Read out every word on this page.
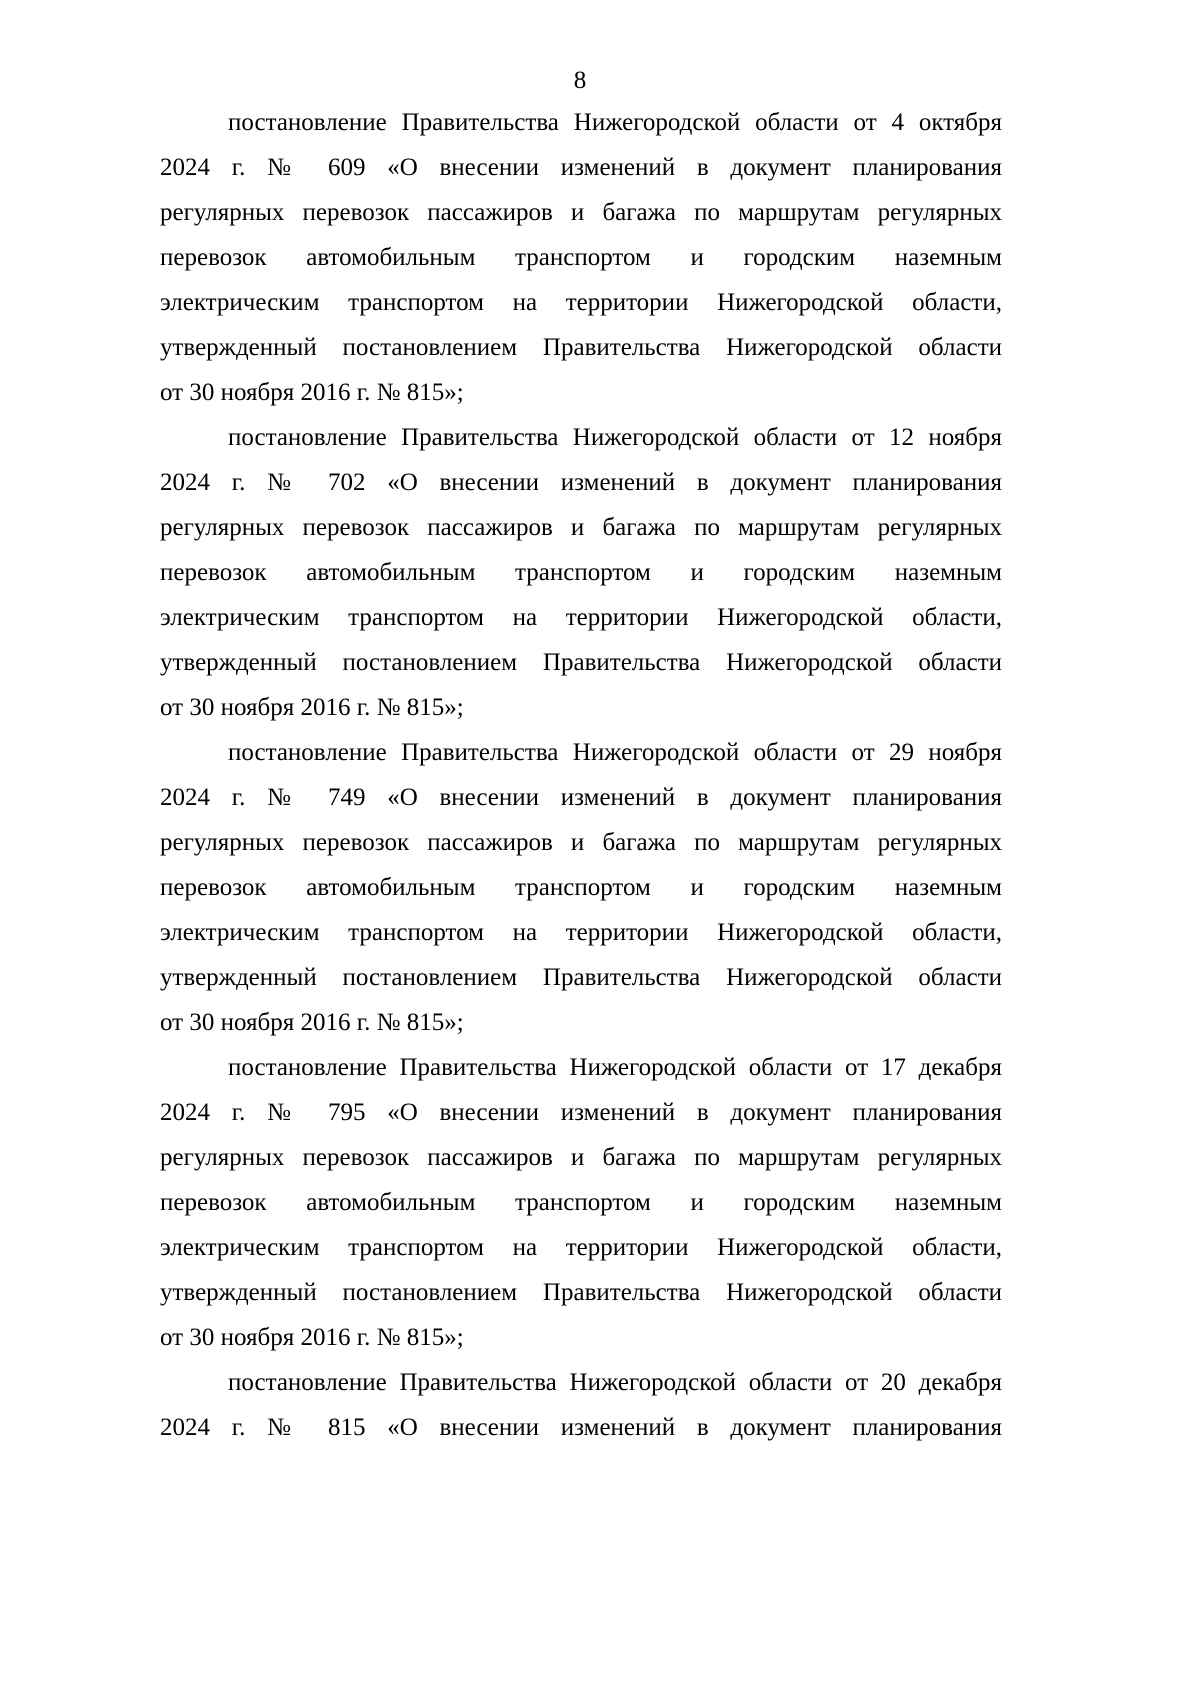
8
постановление Правительства Нижегородской области от 4 октября
2024 г. № 609 «О внесении изменений в документ планирования
регулярных перевозок пассажиров и багажа по маршрутам регулярных
перевозок автомобильным транспортом и городским наземным
электрическим транспортом на территории Нижегородской области,
утвержденный постановлением Правительства Нижегородской области
от 30 ноября 2016 г. № 815»;
постановление Правительства Нижегородской области от 12 ноября
2024 г. № 702 «О внесении изменений в документ планирования
регулярных перевозок пассажиров и багажа по маршрутам регулярных
перевозок автомобильным транспортом и городским наземным
электрическим транспортом на территории Нижегородской области,
утвержденный постановлением Правительства Нижегородской области
от 30 ноября 2016 г. № 815»;
постановление Правительства Нижегородской области от 29 ноября
2024 г. № 749 «О внесении изменений в документ планирования
регулярных перевозок пассажиров и багажа по маршрутам регулярных
перевозок автомобильным транспортом и городским наземным
электрическим транспортом на территории Нижегородской области,
утвержденный постановлением Правительства Нижегородской области
от 30 ноября 2016 г. № 815»;
постановление Правительства Нижегородской области от 17 декабря
2024 г. № 795 «О внесении изменений в документ планирования
регулярных перевозок пассажиров и багажа по маршрутам регулярных
перевозок автомобильным транспортом и городским наземным
электрическим транспортом на территории Нижегородской области,
утвержденный постановлением Правительства Нижегородской области
от 30 ноября 2016 г. № 815»;
постановление Правительства Нижегородской области от 20 декабря
2024 г. № 815 «О внесении изменений в документ планирования
